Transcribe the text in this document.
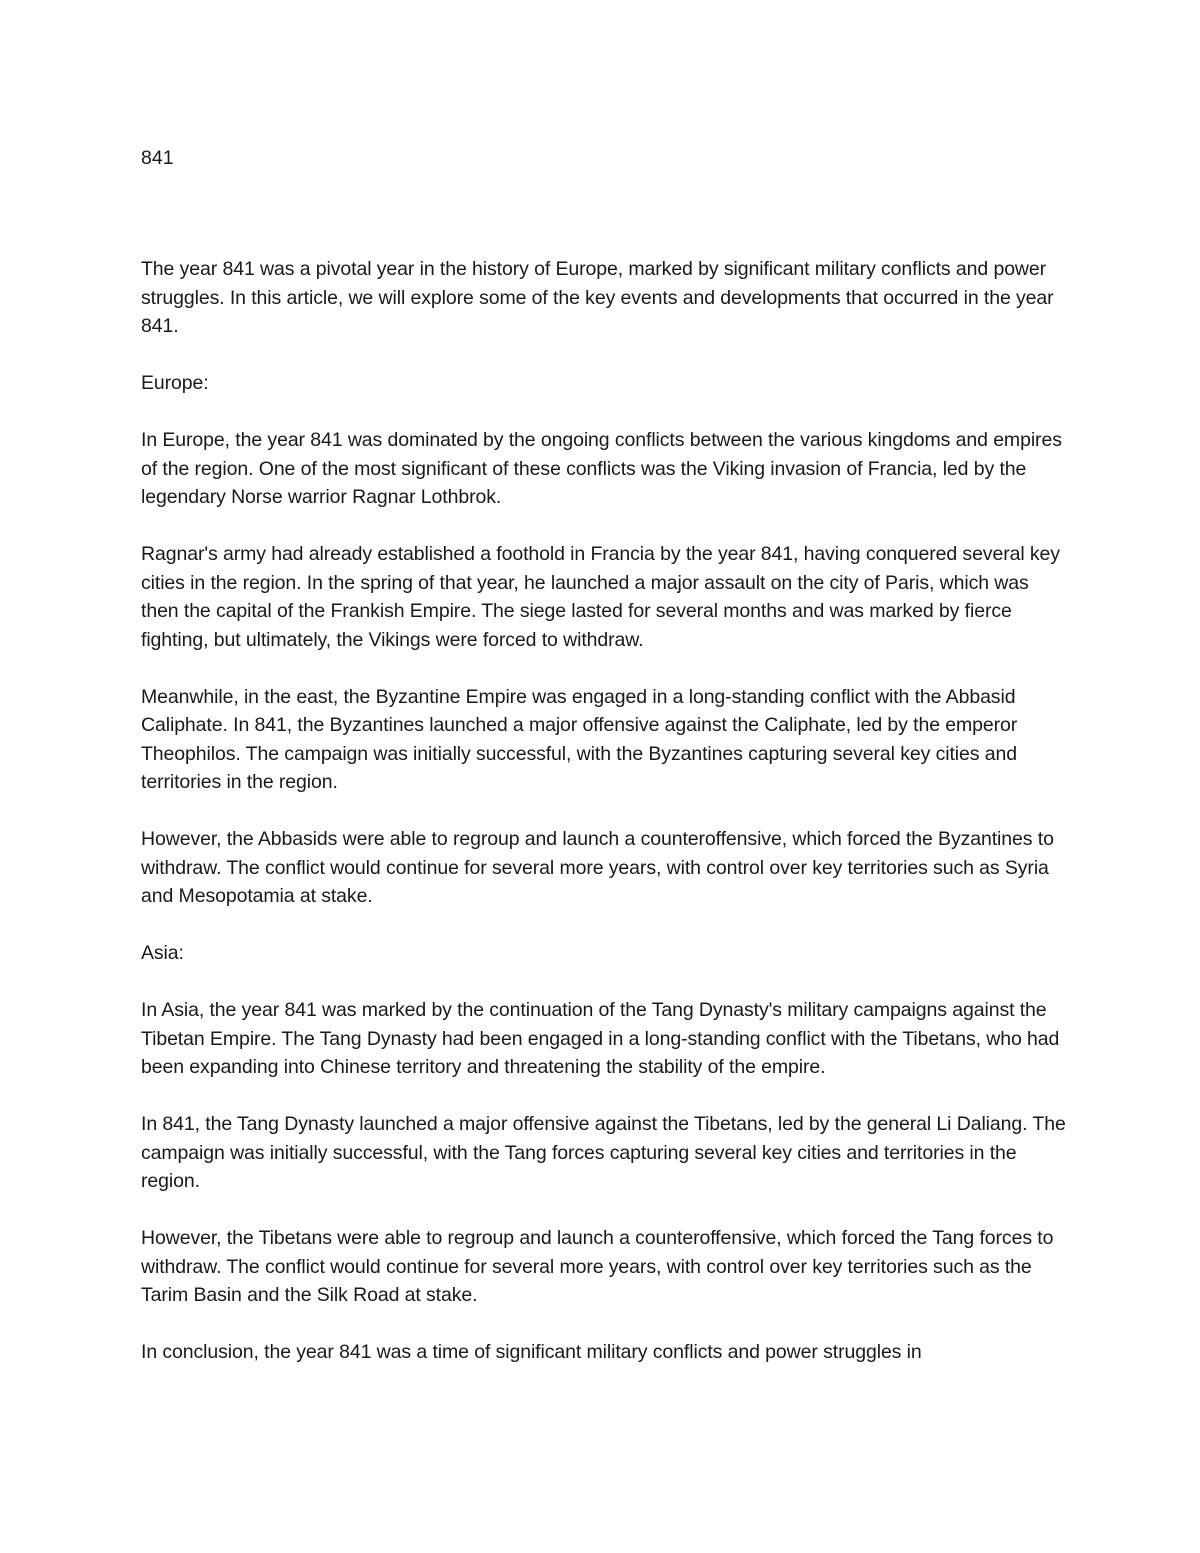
841

The year 841 was a pivotal year in the history of Europe, marked by significant military conflicts and power struggles. In this article, we will explore some of the key events and developments that occurred in the year 841.

Europe:

In Europe, the year 841 was dominated by the ongoing conflicts between the various kingdoms and empires of the region. One of the most significant of these conflicts was the Viking invasion of Francia, led by the legendary Norse warrior Ragnar Lothbrok.

Ragnar's army had already established a foothold in Francia by the year 841, having conquered several key cities in the region. In the spring of that year, he launched a major assault on the city of Paris, which was then the capital of the Frankish Empire. The siege lasted for several months and was marked by fierce fighting, but ultimately, the Vikings were forced to withdraw.

Meanwhile, in the east, the Byzantine Empire was engaged in a long-standing conflict with the Abbasid Caliphate. In 841, the Byzantines launched a major offensive against the Caliphate, led by the emperor Theophilos. The campaign was initially successful, with the Byzantines capturing several key cities and territories in the region.

However, the Abbasids were able to regroup and launch a counteroffensive, which forced the Byzantines to withdraw. The conflict would continue for several more years, with control over key territories such as Syria and Mesopotamia at stake.

Asia:

In Asia, the year 841 was marked by the continuation of the Tang Dynasty's military campaigns against the Tibetan Empire. The Tang Dynasty had been engaged in a long-standing conflict with the Tibetans, who had been expanding into Chinese territory and threatening the stability of the empire.

In 841, the Tang Dynasty launched a major offensive against the Tibetans, led by the general Li Daliang. The campaign was initially successful, with the Tang forces capturing several key cities and territories in the region.

However, the Tibetans were able to regroup and launch a counteroffensive, which forced the Tang forces to withdraw. The conflict would continue for several more years, with control over key territories such as the Tarim Basin and the Silk Road at stake.

In conclusion, the year 841 was a time of significant military conflicts and power struggles in
